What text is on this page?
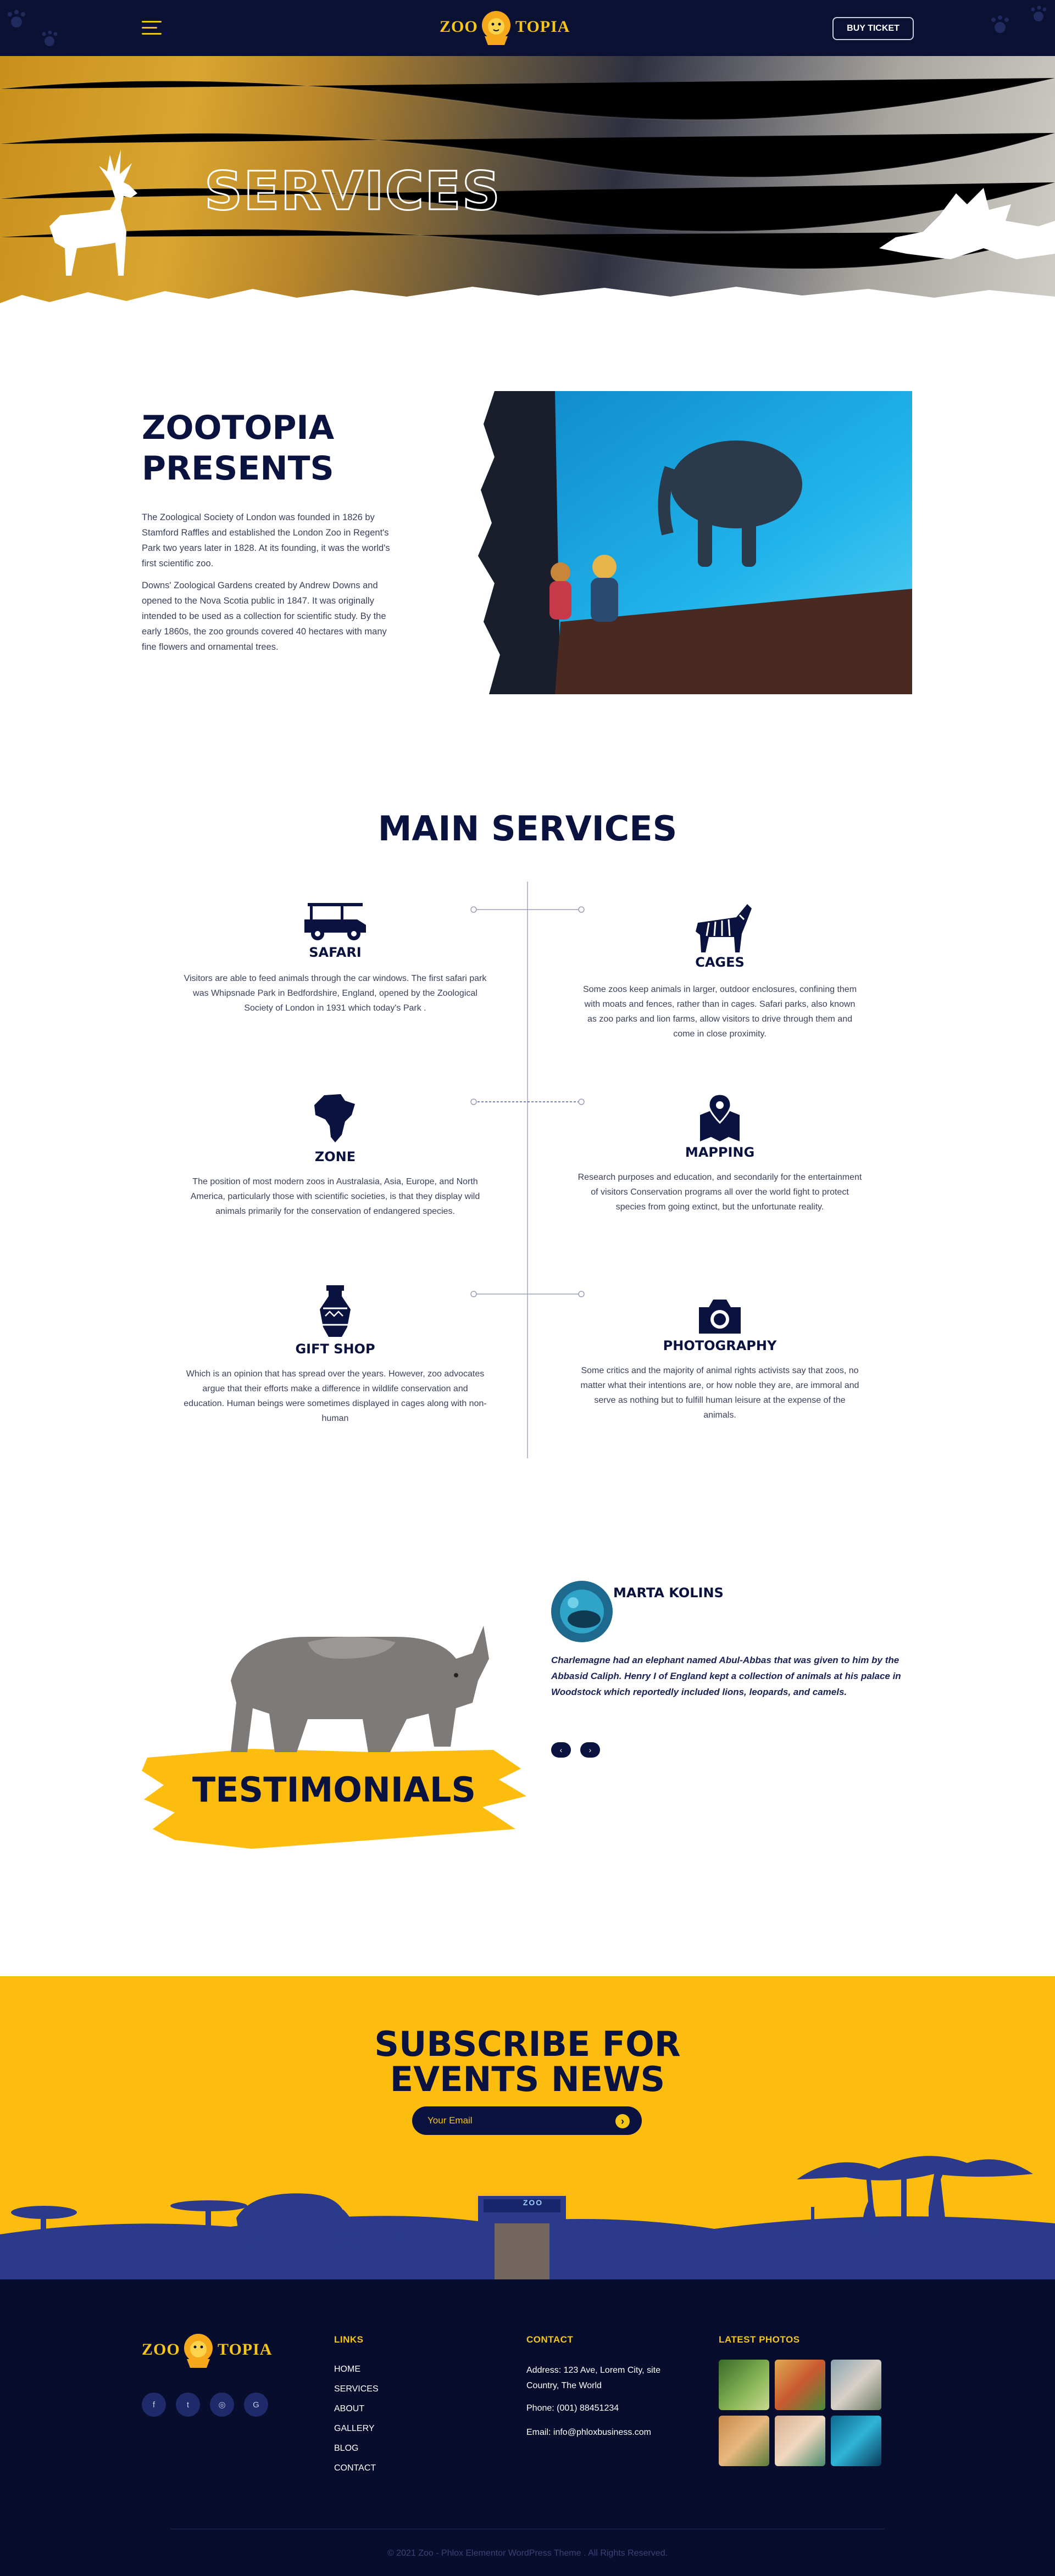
ZOO TOPIA	BUY TICKET
SERVICES
ZOOTOPIA
PRESENTS

The Zoological Society of London was founded in 1826 by Stamford Raffles and established the London Zoo in Regent's Park two years later in 1828. At its founding, it was the world's first scientific zoo.

Downs' Zoological Gardens created by Andrew Downs and opened to the Nova Scotia public in 1847. It was originally intended to be used as a collection for scientific study. By the early 1860s, the zoo grounds covered 40 hectares with many fine flowers and ornamental trees.

MAIN SERVICES
SAFARI

Visitors are able to feed animals through the car windows. The first safari park was Whipsnade Park in Bedfordshire, England, opened by the Zoological Society of London in 1931 which today's Park .

CAGES

Some zoos keep animals in larger, outdoor enclosures, confining them with moats and fences, rather than in cages. Safari parks, also known as zoo parks and lion farms, allow visitors to drive through them and come in close proximity.

ZONE

The position of most modern zoos in Australasia, Asia, Europe, and North America, particularly those with scientific societies, is that they display wild animals primarily for the conservation of endangered species.

MAPPING

Research purposes and education, and secondarily for the entertainment of visitors Conservation programs all over the world fight to protect species from going extinct, but the unfortunate reality.

GIFT SHOP

Which is an opinion that has spread over the years. However, zoo advocates argue that their efforts make a difference in wildlife conservation and education. Human beings were sometimes displayed in cages along with non-human

PHOTOGRAPHY

Some critics and the majority of animal rights activists say that zoos, no matter what their intentions are, or how noble they are, are immoral and serve as nothing but to fulfill human leisure at the expense of the animals.

TESTIMONIALS
MARTA KOLINS

Charlemagne had an elephant named Abul-Abbas that was given to him by the Abbasid Caliph. Henry I of England kept a collection of animals at his palace in Woodstock which reportedly included lions, leopards, and camels.

‹	›
ZOO
SUBSCRIBE FOR
EVENTS NEWS
Your Email
›
ZOO TOPIA
f	t	◎	G
LINKS
HOME
SERVICES
ABOUT
GALLERY
BLOG
CONTACT
CONTACT

Address: 123 Ave, Lorem City, site Country, The World

Phone: (001) 88451234

Email: info@phloxbusiness.com

LATEST PHOTOS
© 2021 Zoo - Phlox Elementor WordPress Theme . All Rights Reserved.
